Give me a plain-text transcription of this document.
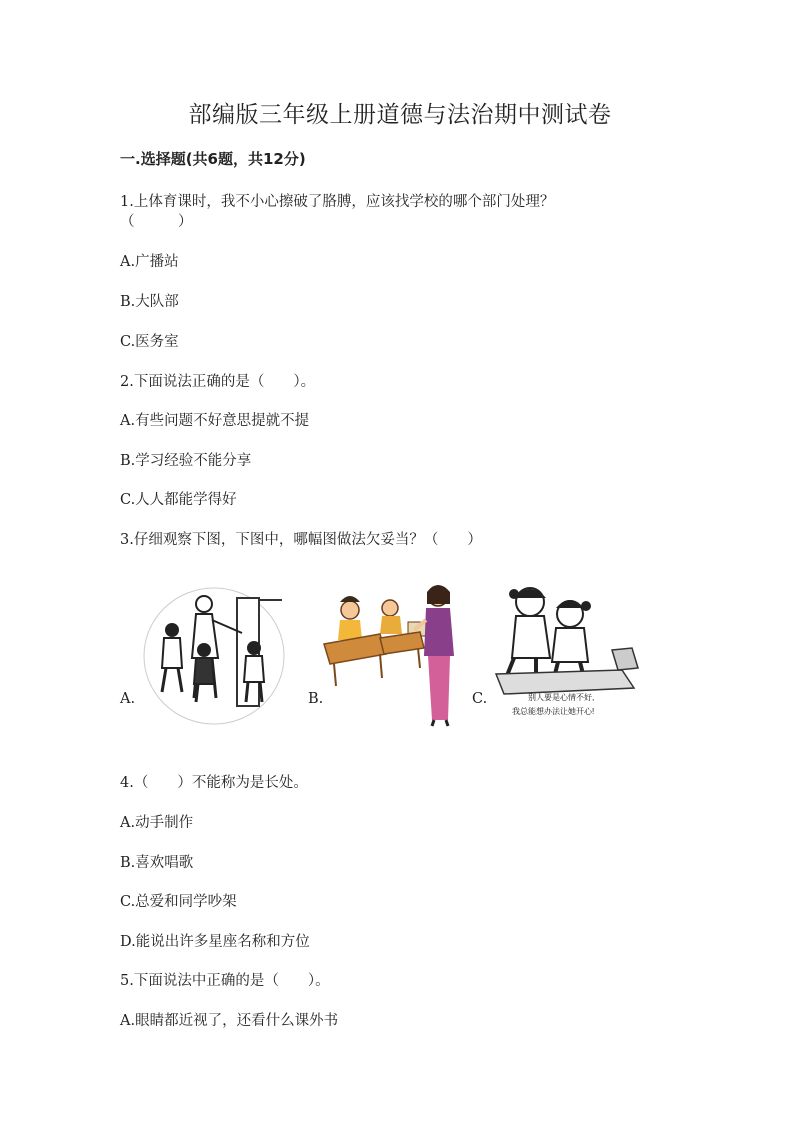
部编版三年级上册道德与法治期中测试卷
一.选择题(共6题，共12分)
1.上体育课时，我不小心擦破了胳膊，应该找学校的哪个部门处理？
（　　　）
A.广播站
B.大队部
C.医务室
2.下面说法正确的是（　　）。
A.有些问题不好意思提就不提
B.学习经验不能分享
C.人人都能学得好
3.仔细观察下图，下图中，哪幅图做法欠妥当？（　　）
A.	B.	C.	别人要是心情不好,
我总能想办法让她开心!
4.（　　）不能称为是长处。
A.动手制作
B.喜欢唱歌
C.总爱和同学吵架
D.能说出许多星座名称和方位
5.下面说法中正确的是（　　）。
A.眼睛都近视了，还看什么课外书
